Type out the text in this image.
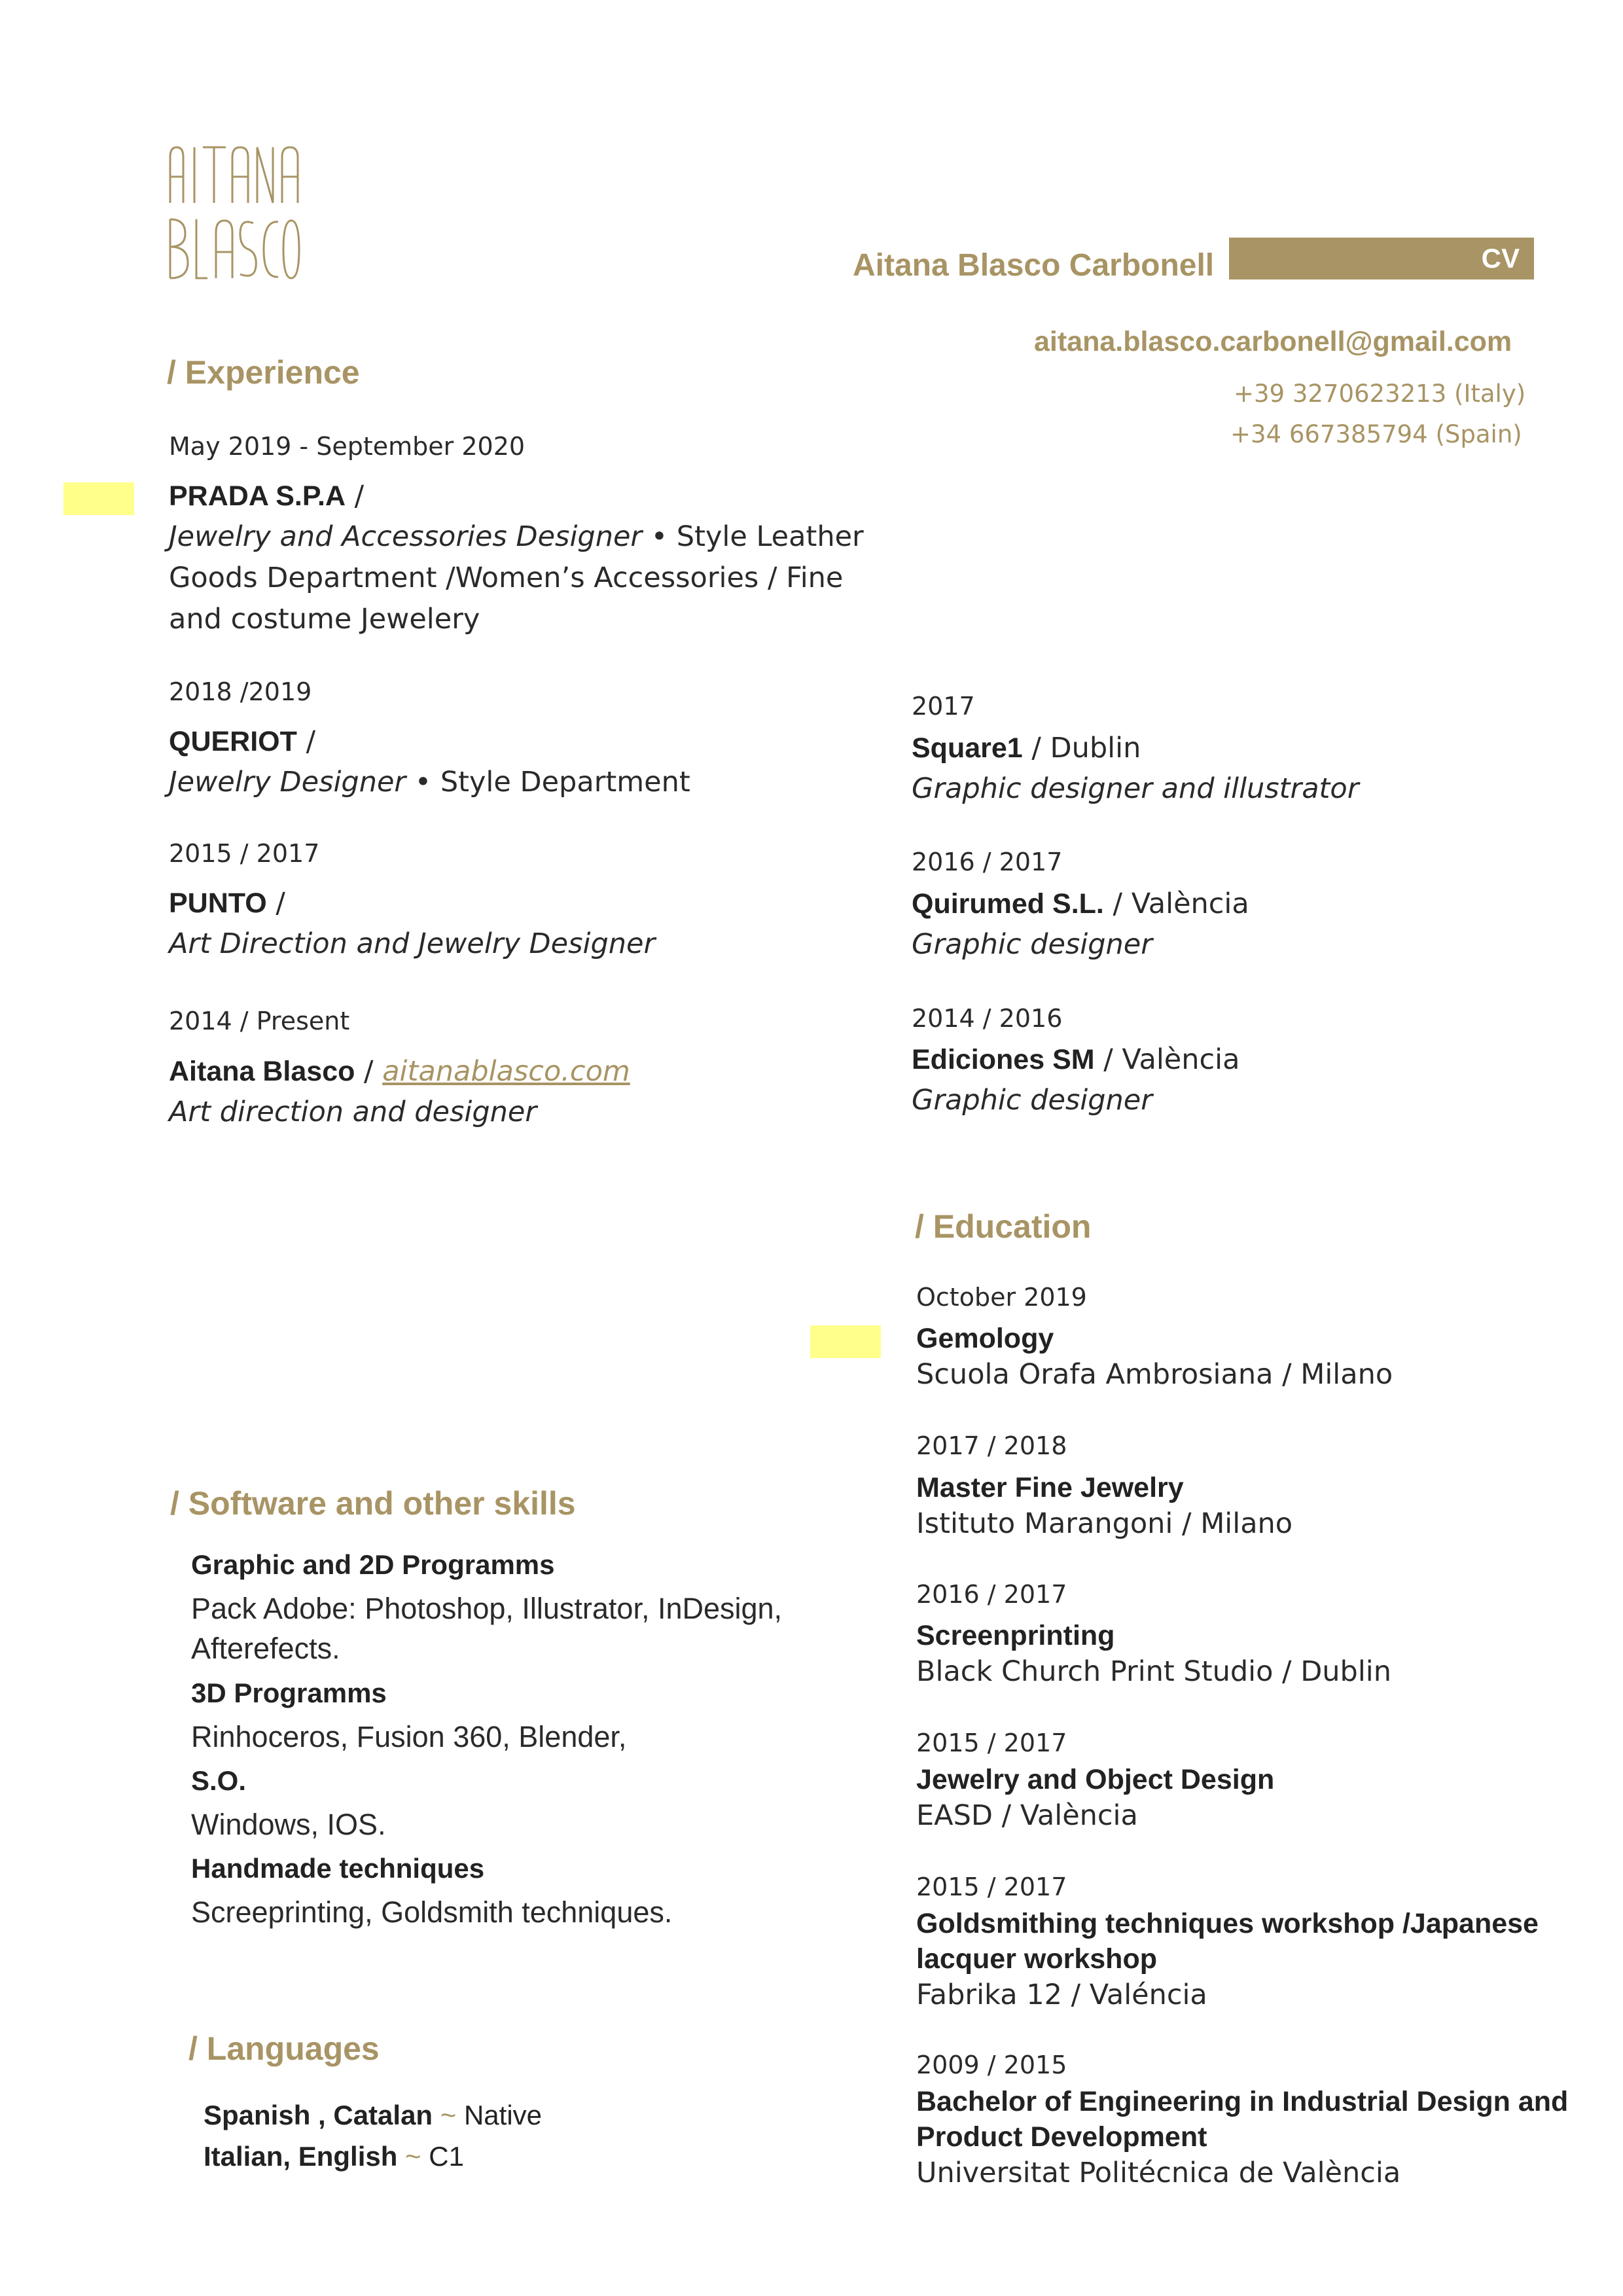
Aitana Blasco Carbonell	CV
aitana.blasco.carbonell@gmail.com
+39 3270623213 (Italy)
+34 667385794 (Spain)
/ Experience
May 2019 - September 2020
PRADA S.P.A /
Jewelry and Accessories Designer • Style Leather
Goods Department /Women’s Accessories / Fine
and costume Jewelery
2018 /2019
QUERIOT /
Jewelry Designer • Style Department
2015 / 2017
PUNTO /
Art Direction and Jewelry Designer
2014 / Present
Aitana Blasco / aitanablasco.com
Art direction and designer
2017
Square1 / Dublin
Graphic designer and illustrator
2016 / 2017
Quirumed S.L. / València
Graphic designer
2014 / 2016
Ediciones SM / València
Graphic designer
/ Education
October 2019
Gemology
Scuola Orafa Ambrosiana / Milano
2017 / 2018
Master Fine Jewelry
Istituto Marangoni / Milano
2016 / 2017
Screenprinting
Black Church Print Studio / Dublin
2015 / 2017
Jewelry and Object Design
EASD / València
2015 / 2017
Goldsmithing techniques workshop /Japanese
lacquer workshop
Fabrika 12 / Valéncia
2009 / 2015
Bachelor of Engineering in Industrial Design and
Product Development
Universitat Politécnica de València
/ Software and other skills
Graphic and 2D Programms
Pack Adobe: Photoshop, Illustrator, InDesign,
Afterefects.
3D Programms
Rinhoceros, Fusion 360, Blender,
S.O.
Windows, IOS.
Handmade techniques
Screeprinting, Goldsmith techniques.
/ Languages
Spanish , Catalan ~ Native
Italian, English ~ C1
